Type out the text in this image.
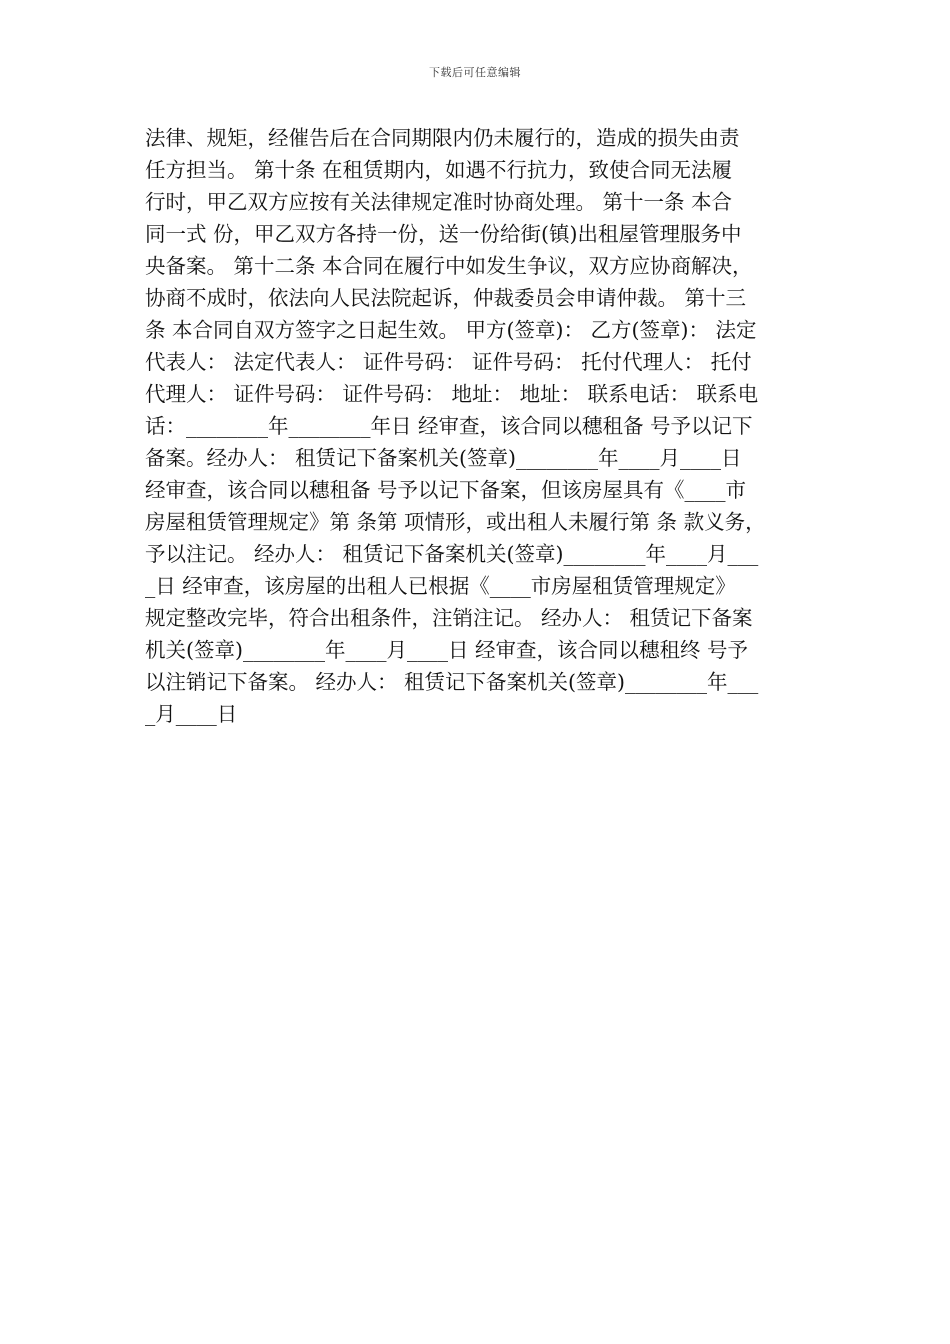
下载后可任意编辑
法律、规矩，经催告后在合同期限内仍未履行的，造成的损失由责
任方担当。 第十条 在租赁期内，如遇不行抗力，致使合同无法履
行时，甲乙双方应按有关法律规定准时协商处理。 第十一条 本合
同一式 份，甲乙双方各持一份，送一份给街(镇)出租屋管理服务中
央备案。 第十二条 本合同在履行中如发生争议，双方应协商解决，
协商不成时，依法向人民法院起诉，仲裁委员会申请仲裁。 第十三
条 本合同自双方签字之日起生效。 甲方(签章)： 乙方(签章)： 法定
代表人： 法定代表人： 证件号码： 证件号码： 托付代理人： 托付
代理人： 证件号码： 证件号码： 地址： 地址： 联系电话： 联系电
话：________年________年日 经审查，该合同以穗租备 号予以记下
备案。经办人： 租赁记下备案机关(签章)________年____月____日
经审查，该合同以穗租备 号予以记下备案，但该房屋具有《____市
房屋租赁管理规定》第 条第 项情形，或出租人未履行第 条 款义务，
予以注记。 经办人： 租赁记下备案机关(签章)________年____月___
_日 经审查，该房屋的出租人已根据《____市房屋租赁管理规定》
规定整改完毕，符合出租条件，注销注记。 经办人： 租赁记下备案
机关(签章)________年____月____日 经审查，该合同以穗租终 号予
以注销记下备案。 经办人： 租赁记下备案机关(签章)________年___
_月____日
